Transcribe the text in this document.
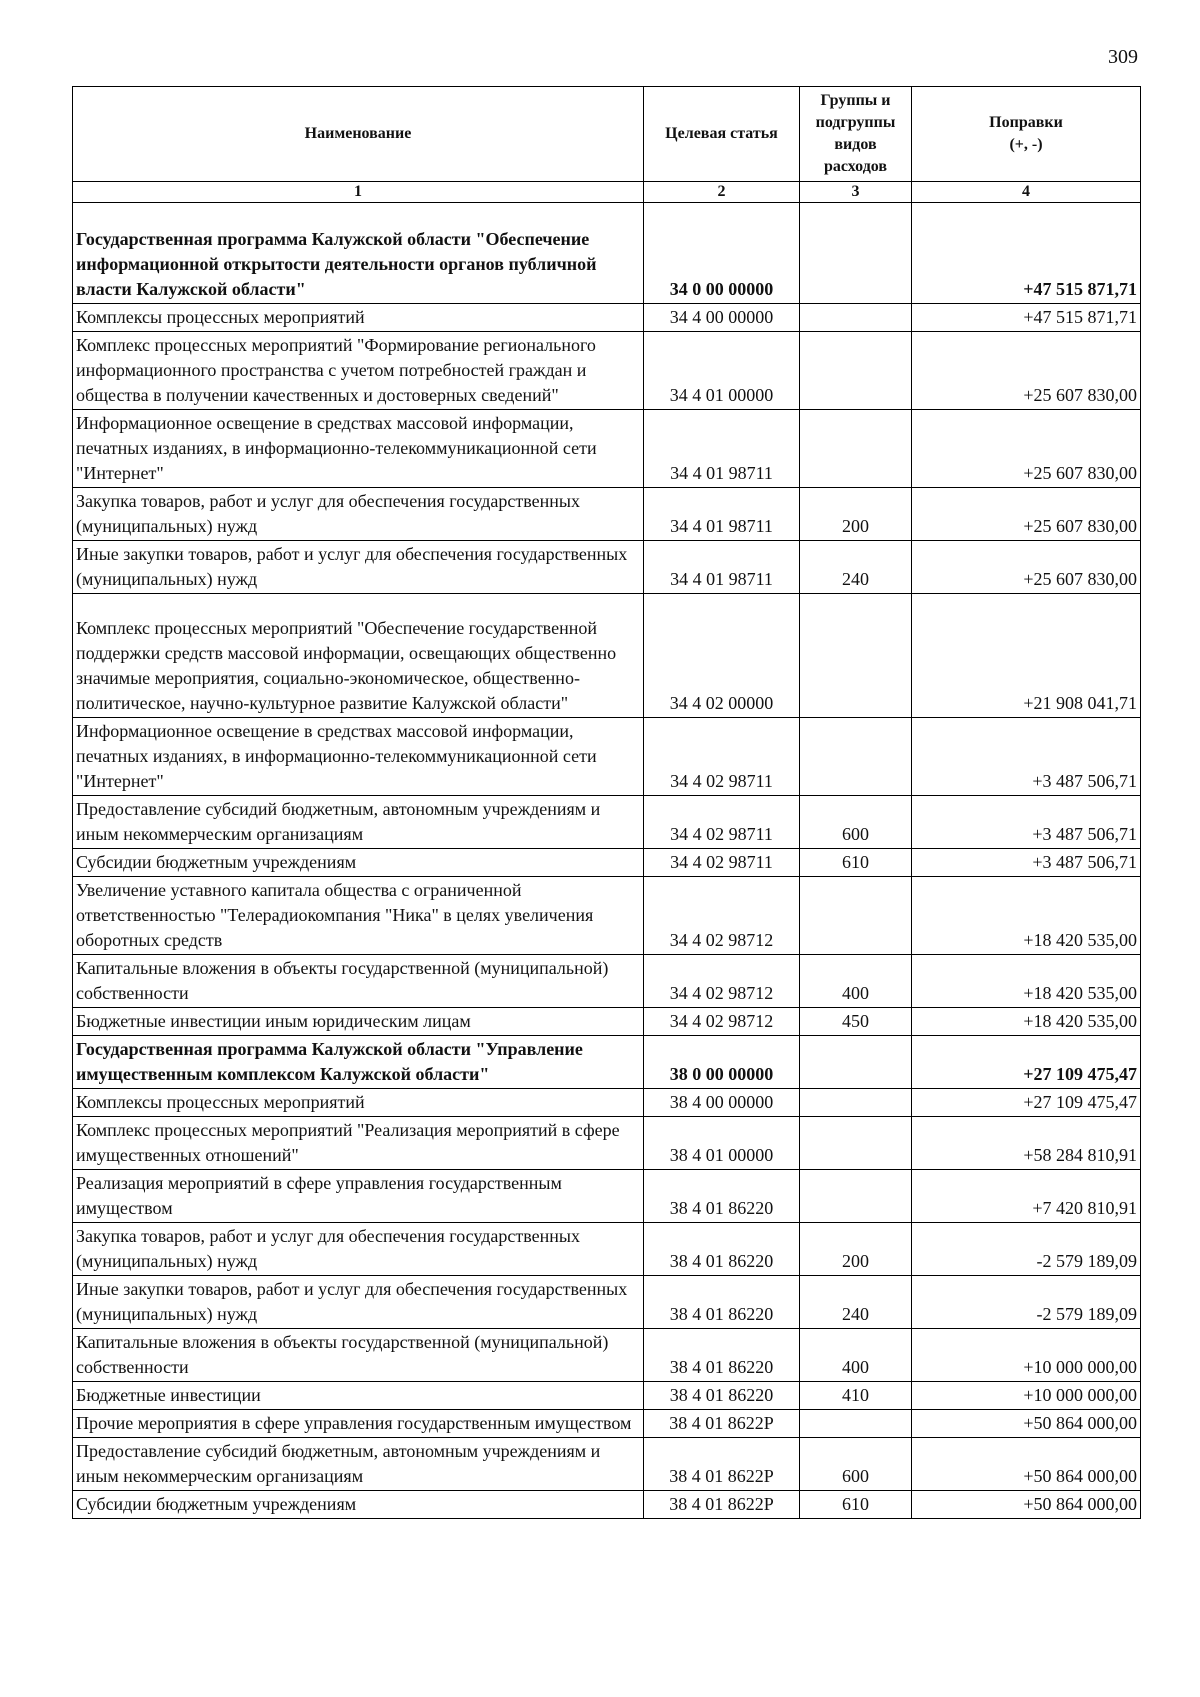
309
Наименование	Целевая статья	Группы и подгруппы видов расходов	Поправки
(+, -)
1	2	3	4
Государственная программа Калужской области "Обеспечение информационной открытости деятельности органов публичной власти Калужской области"	34 0 00 00000		+47 515 871,71
Комплексы процессных мероприятий	34 4 00 00000		+47 515 871,71
Комплекс процессных мероприятий "Формирование регионального информационного пространства с учетом потребностей граждан и общества в получении качественных и достоверных сведений"	34 4 01 00000		+25 607 830,00
Информационное освещение в средствах массовой информации, печатных изданиях, в информационно-телекоммуникационной сети "Интернет"	34 4 01 98711		+25 607 830,00
Закупка товаров, работ и услуг для обеспечения государственных (муниципальных) нужд	34 4 01 98711	200	+25 607 830,00
Иные закупки товаров, работ и услуг для обеспечения государственных (муниципальных) нужд	34 4 01 98711	240	+25 607 830,00
Комплекс процессных мероприятий "Обеспечение государственной поддержки средств массовой информации, освещающих общественно значимые мероприятия, социально-экономическое, общественно-политическое, научно-культурное развитие Калужской области"	34 4 02 00000		+21 908 041,71
Информационное освещение в средствах массовой информации, печатных изданиях, в информационно-телекоммуникационной сети "Интернет"	34 4 02 98711		+3 487 506,71
Предоставление субсидий бюджетным, автономным учреждениям и иным некоммерческим организациям	34 4 02 98711	600	+3 487 506,71
Субсидии бюджетным учреждениям	34 4 02 98711	610	+3 487 506,71
Увеличение уставного капитала общества с ограниченной ответственностью "Телерадиокомпания "Ника" в целях увеличения оборотных средств	34 4 02 98712		+18 420 535,00
Капитальные вложения в объекты государственной (муниципальной) собственности	34 4 02 98712	400	+18 420 535,00
Бюджетные инвестиции иным юридическим лицам	34 4 02 98712	450	+18 420 535,00
Государственная программа Калужской области "Управление имущественным комплексом Калужской области"	38 0 00 00000		+27 109 475,47
Комплексы процессных мероприятий	38 4 00 00000		+27 109 475,47
Комплекс процессных мероприятий "Реализация мероприятий в сфере имущественных отношений"	38 4 01 00000		+58 284 810,91
Реализация мероприятий в сфере управления государственным имуществом	38 4 01 86220		+7 420 810,91
Закупка товаров, работ и услуг для обеспечения государственных (муниципальных) нужд	38 4 01 86220	200	-2 579 189,09
Иные закупки товаров, работ и услуг для обеспечения государственных (муниципальных) нужд	38 4 01 86220	240	-2 579 189,09
Капитальные вложения в объекты государственной (муниципальной) собственности	38 4 01 86220	400	+10 000 000,00
Бюджетные инвестиции	38 4 01 86220	410	+10 000 000,00
Прочие мероприятия в сфере управления государственным имуществом	38 4 01 8622P		+50 864 000,00
Предоставление субсидий бюджетным, автономным учреждениям и иным некоммерческим организациям	38 4 01 8622P	600	+50 864 000,00
Субсидии бюджетным учреждениям	38 4 01 8622P	610	+50 864 000,00
